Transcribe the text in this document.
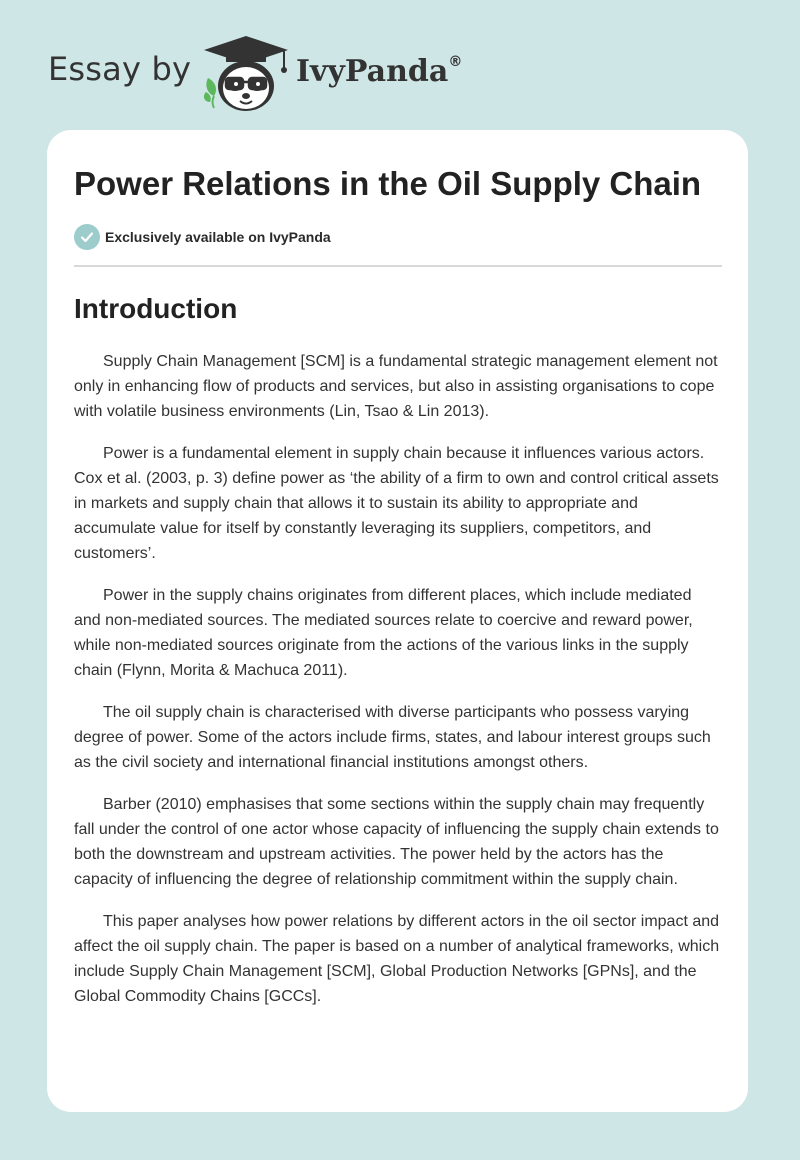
Essay by	IvyPanda®
Power Relations in the Oil Supply Chain
Exclusively available on IvyPanda
Introduction

Supply Chain Management [SCM] is a fundamental strategic management element not only in enhancing flow of products and services, but also in assisting organisations to cope with volatile business environments (Lin, Tsao & Lin 2013).

Power is a fundamental element in supply chain because it influences various actors. Cox et al. (2003, p. 3) define power as ‘the ability of a firm to own and control critical assets in markets and supply chain that allows it to sustain its ability to appropriate and accumulate value for itself by constantly leveraging its suppliers, competitors, and customers’.

Power in the supply chains originates from different places, which include mediated and non-mediated sources. The mediated sources relate to coercive and reward power, while non-mediated sources originate from the actions of the various links in the supply chain (Flynn, Morita & Machuca 2011).

The oil supply chain is characterised with diverse participants who possess varying degree of power. Some of the actors include firms, states, and labour interest groups such as the civil society and international financial institutions amongst others.

Barber (2010) emphasises that some sections within the supply chain may frequently fall under the control of one actor whose capacity of influencing the supply chain extends to both the downstream and upstream activities. The power held by the actors has the capacity of influencing the degree of relationship commitment within the supply chain.

This paper analyses how power relations by different actors in the oil sector impact and affect the oil supply chain. The paper is based on a number of analytical frameworks, which include Supply Chain Management [SCM], Global Production Networks [GPNs], and the Global Commodity Chains [GCCs].
